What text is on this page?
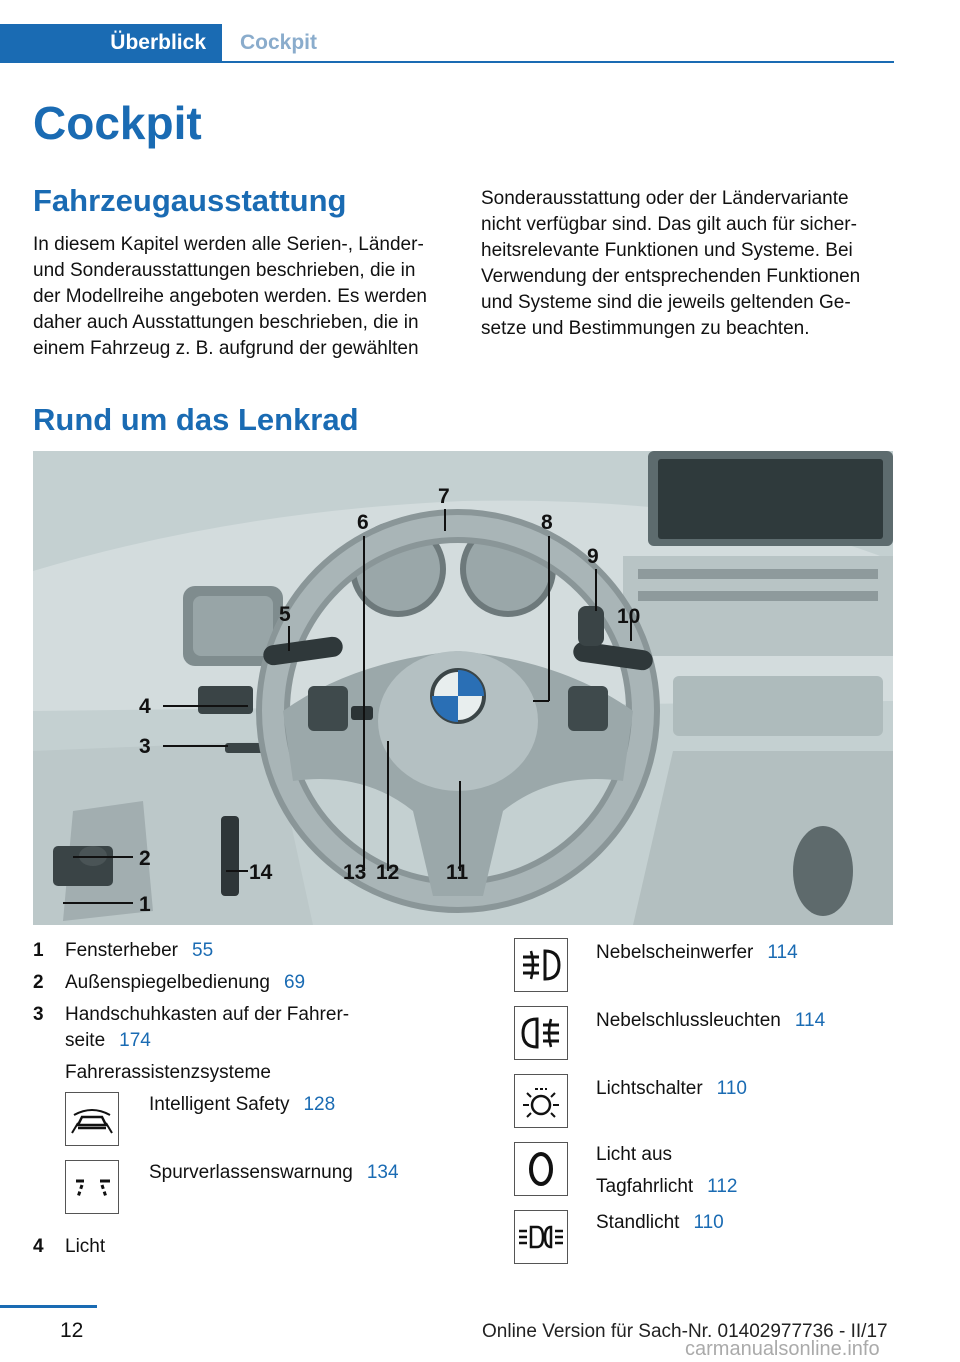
Überblick	Cockpit
Cockpit
Fahrzeugausstattung
In diesem Kapitel werden alle Serien-, Länder-
und Sonderausstattungen beschrieben, die in
der Modellreihe angeboten werden. Es werden
daher auch Ausstattungen beschrieben, die in
einem Fahrzeug z. B. aufgrund der gewählten
Sonderausstattung oder der Ländervariante
nicht verfügbar sind. Das gilt auch für sicher-
heitsrelevante Funktionen und Systeme. Bei
Verwendung der entsprechenden Funktionen
und Systeme sind die jeweils geltenden Ge-
setze und Bestimmungen zu beachten.
Rund um das Lenkrad
1
2
3
4
5
6
7
8
9
10
11
12
13
14
1 Fensterheber 55
2 Außenspiegelbedienung 69
3 Handschuhkasten auf der Fahrer-
seite 174
Fahrerassistenzsysteme
Intelligent Safety 128
Spurverlassenswarnung 134
4 Licht
Nebelscheinwerfer 114
Nebelschlussleuchten 114
Lichtschalter 110
Licht aus
Tagfahrlicht 112
Standlicht 110
12	Online Version für Sach-Nr. 01402977736 - II/17
carmanualsonline.info
